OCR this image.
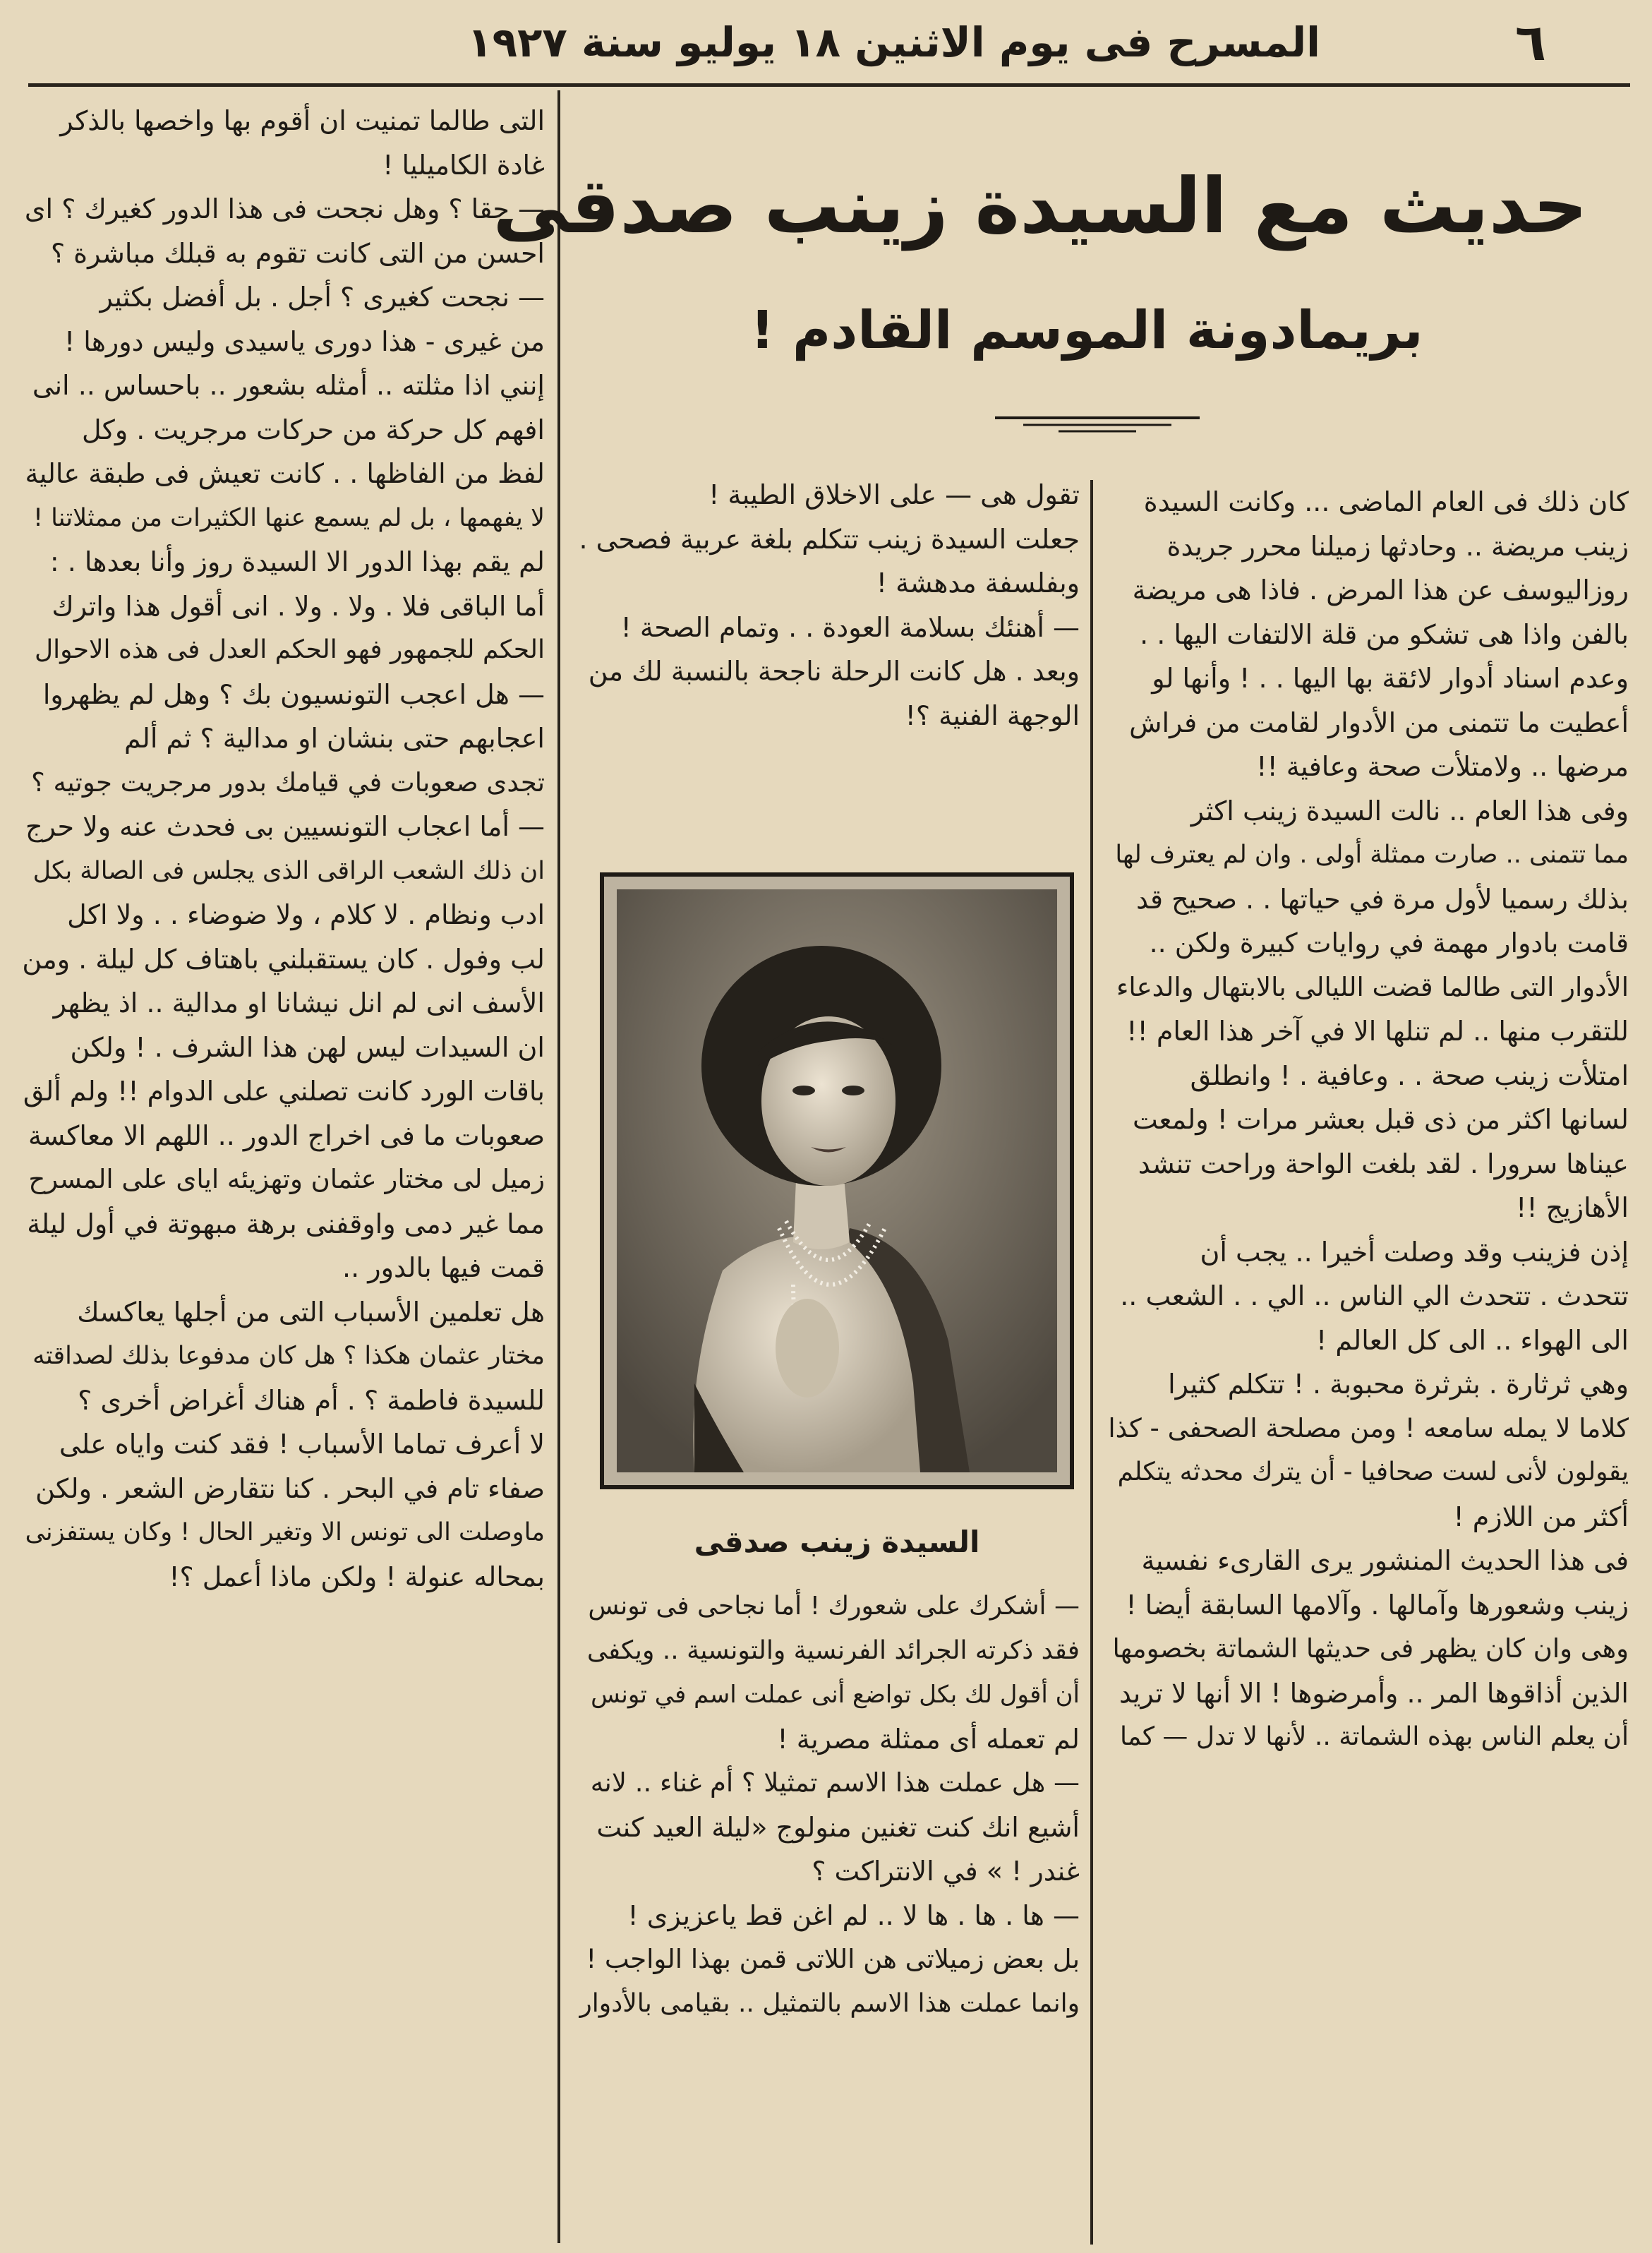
المسرح فى يوم الاثنين ١٨ يوليو سنة ١٩٢٧	٦
حديث مع السيدة زينب صدقى
بريمادونة الموسم القادم !
كان ذلك فى العام الماضى ... وكانت السيدة
زينب مريضة .. وحادثها زميلنا محرر جريدة
روزاليوسف عن هذا المرض . فاذا هى مريضة
بالفن واذا هى تشكو من قلة الالتفات اليها . .
وعدم اسناد أدوار لائقة بها اليها . . ! وأنها لو
أعطيت ما تتمنى من الأدوار لقامت من فراش
مرضها .. ولامتلأت صحة وعافية !!
وفى هذا العام .. نالت السيدة زينب اكثر
مما تتمنى .. صارت ممثلة أولى . وان لم يعترف لها
بذلك رسميا لأول مرة في حياتها . . صحيح قد
قامت بادوار مهمة في روايات كبيرة ولكن ..
الأدوار التى طالما قضت الليالى بالابتهال والدعاء
للتقرب منها .. لم تنلها الا في آخر هذا العام !!
امتلأت زينب صحة . . وعافية . ! وانطلق
لسانها اكثر من ذى قبل بعشر مرات ! ولمعت
عيناها سرورا . لقد بلغت الواحة وراحت تنشد
الأهازيج !!
إذن فزينب وقد وصلت أخيرا .. يجب أن
تتحدث . تتحدث الي الناس .. الي . . الشعب ..
الى الهواء .. الى كل العالم !
وهي ثرثارة . بثرثرة محبوبة . ! تتكلم كثيرا
كلاما لا يمله سامعه ! ومن مصلحة الصحفى - كذا
يقولون لأنى لست صحافيا - أن يترك محدثه يتكلم
أكثر من اللازم !
فى هذا الحديث المنشور يرى القارىء نفسية
زينب وشعورها وآمالها . وآلامها السابقة أيضا !
وهى وان كان يظهر فى حديثها الشماتة بخصومها
الذين أذاقوها المر .. وأمرضوها ! الا أنها لا تريد
أن يعلم الناس بهذه الشماتة .. لأنها لا تدل — كما
تقول هى — على الاخلاق الطيبة !
جعلت السيدة زينب تتكلم بلغة عربية فصحى .
وبفلسفة مدهشة !
— أهنئك بسلامة العودة . . وتمام الصحة !
وبعد . هل كانت الرحلة ناجحة بالنسبة لك من
الوجهة الفنية ؟!
السيدة زينب صدقى
— أشكرك على شعورك ! أما نجاحى فى تونس
فقد ذكرته الجرائد الفرنسية والتونسية .. ويكفى
أن أقول لك بكل تواضع أنى عملت اسم في تونس
لم تعمله أى ممثلة مصرية !
— هل عملت هذا الاسم تمثيلا ؟ أم غناء .. لانه
أشيع انك كنت تغنين منولوج «ليلة العيد كنت
غندر ! » في الانتراكت ؟
— ها . ها . ها لا .. لم اغن قط ياعزيزى !
بل بعض زميلاتى هن اللاتى قمن بهذا الواجب !
وانما عملت هذا الاسم بالتمثيل .. بقيامى بالأدوار
التى طالما تمنيت ان أقوم بها واخصها بالذكر
غادة الكاميليا !
— حقا ؟ وهل نجحت فى هذا الدور كغيرك ؟ اى
احسن من التى كانت تقوم به قبلك مباشرة ؟
— نجحت كغيرى ؟ أجل . بل أفضل بكثير
من غيرى - هذا دورى ياسيدى وليس دورها !
إنني اذا مثلته .. أمثله بشعور .. باحساس .. انى
افهم كل حركة من حركات مرجريت . وكل
لفظ من الفاظها . . كانت تعيش فى طبقة عالية
لا يفهمها ، بل لم يسمع عنها الكثيرات من ممثلاتنا !
لم يقم بهذا الدور الا السيدة روز وأنا بعدها . :
أما الباقى فلا . ولا . ولا . انى أقول هذا واترك
الحكم للجمهور فهو الحكم العدل فى هذه الاحوال
— هل اعجب التونسيون بك ؟ وهل لم يظهروا
اعجابهم حتى بنشان او مدالية ؟ ثم ألم
تجدى صعوبات في قيامك بدور مرجريت جوتيه ؟
— أما اعجاب التونسيين بى فحدث عنه ولا حرج
ان ذلك الشعب الراقى الذى يجلس فى الصالة بكل
ادب ونظام . لا كلام ، ولا ضوضاء . . ولا اكل
لب وفول . كان يستقبلني باهتاف كل ليلة . ومن
الأسف انى لم انل نيشانا او مدالية .. اذ يظهر
ان السيدات ليس لهن هذا الشرف . ! ولكن
باقات الورد كانت تصلني على الدوام !! ولم ألق
صعوبات ما فى اخراج الدور .. اللهم الا معاكسة
زميل لى مختار عثمان وتهزيئه اياى على المسرح
مما غير دمى واوقفنى برهة مبهوتة في أول ليلة
قمت فيها بالدور ..
هل تعلمين الأسباب التى من أجلها يعاكسك
مختار عثمان هكذا ؟ هل كان مدفوعا بذلك لصداقته
للسيدة فاطمة ؟ . أم هناك أغراض أخرى ؟
لا أعرف تماما الأسباب ! فقد كنت واياه على
صفاء تام في البحر . كنا نتقارض الشعر . ولكن
ماوصلت الى تونس الا وتغير الحال ! وكان يستفزنى
بمحاله عنولة ! ولكن ماذا أعمل ؟!
